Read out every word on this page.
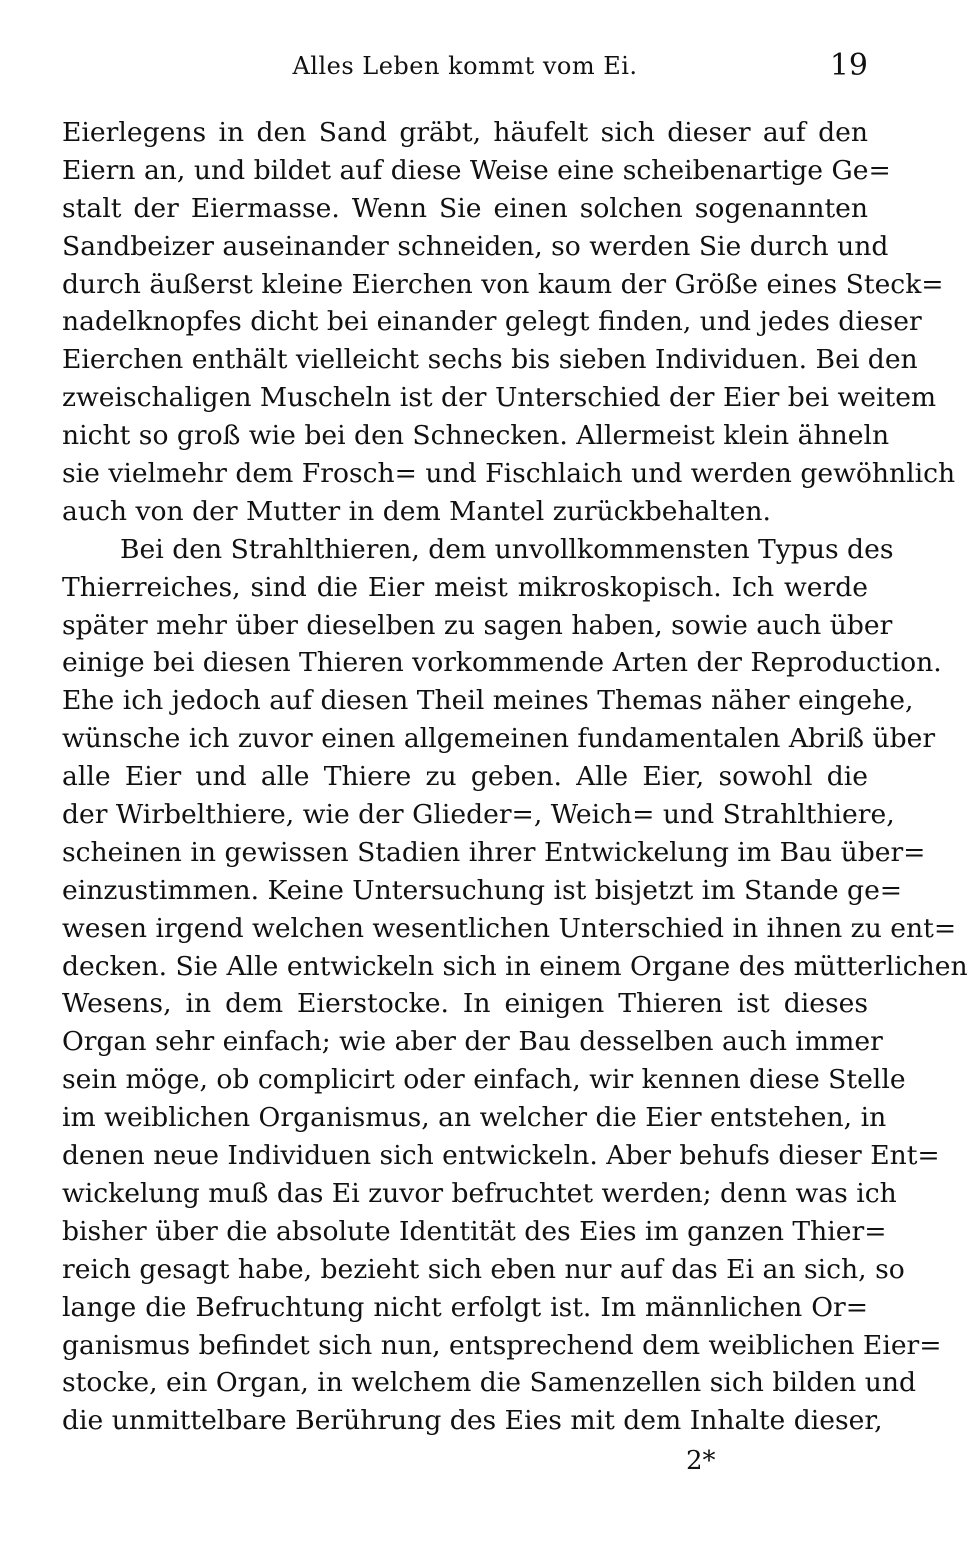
Alles Leben kommt vom Ei.	19
Eierlegens in den Sand gräbt, häufelt sich dieser auf den
Eiern an, und bildet auf diese Weise eine scheibenartige Ge=
stalt der Eiermasse. Wenn Sie einen solchen sogenannten
Sandbeizer auseinander schneiden, so werden Sie durch und
durch äußerst kleine Eierchen von kaum der Größe eines Steck=
nadelknopfes dicht bei einander gelegt finden, und jedes dieser
Eierchen enthält vielleicht sechs bis sieben Individuen. Bei den
zweischaligen Muscheln ist der Unterschied der Eier bei weitem
nicht so groß wie bei den Schnecken. Allermeist klein ähneln
sie vielmehr dem Frosch= und Fischlaich und werden gewöhnlich
auch von der Mutter in dem Mantel zurückbehalten.
Bei den Strahlthieren, dem unvollkommensten Typus des
Thierreiches, sind die Eier meist mikroskopisch. Ich werde
später mehr über dieselben zu sagen haben, sowie auch über
einige bei diesen Thieren vorkommende Arten der Reproduction.
Ehe ich jedoch auf diesen Theil meines Themas näher eingehe,
wünsche ich zuvor einen allgemeinen fundamentalen Abriß über
alle Eier und alle Thiere zu geben. Alle Eier, sowohl die
der Wirbelthiere, wie der Glieder=, Weich= und Strahlthiere,
scheinen in gewissen Stadien ihrer Entwickelung im Bau über=
einzustimmen. Keine Untersuchung ist bisjetzt im Stande ge=
wesen irgend welchen wesentlichen Unterschied in ihnen zu ent=
decken. Sie Alle entwickeln sich in einem Organe des mütterlichen
Wesens, in dem Eierstocke. In einigen Thieren ist dieses
Organ sehr einfach; wie aber der Bau desselben auch immer
sein möge, ob complicirt oder einfach, wir kennen diese Stelle
im weiblichen Organismus, an welcher die Eier entstehen, in
denen neue Individuen sich entwickeln. Aber behufs dieser Ent=
wickelung muß das Ei zuvor befruchtet werden; denn was ich
bisher über die absolute Identität des Eies im ganzen Thier=
reich gesagt habe, bezieht sich eben nur auf das Ei an sich, so
lange die Befruchtung nicht erfolgt ist. Im männlichen Or=
ganismus befindet sich nun, entsprechend dem weiblichen Eier=
stocke, ein Organ, in welchem die Samenzellen sich bilden und
die unmittelbare Berührung des Eies mit dem Inhalte dieser,
2*
